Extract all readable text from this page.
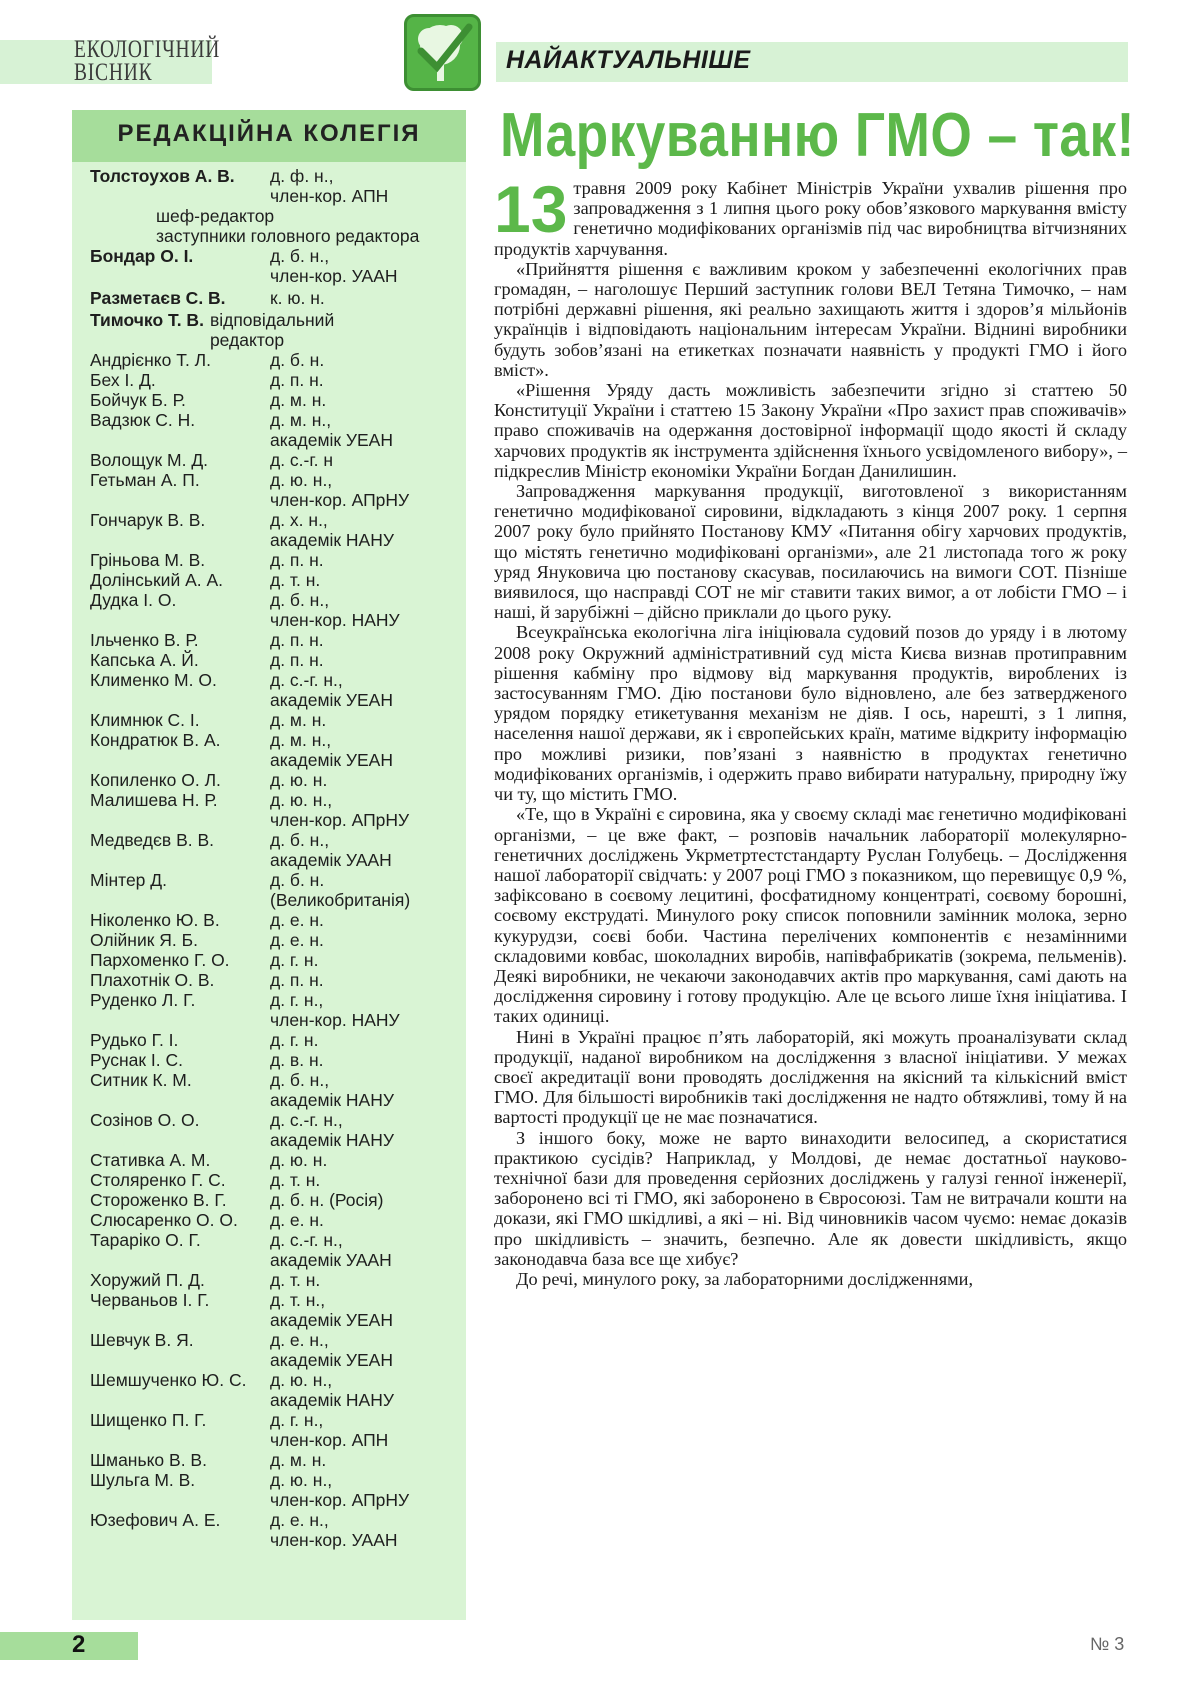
ЕКОЛОГІЧНИЙ
ВІСНИК	НАЙАКТУАЛЬНІШЕ
РЕДАКЦІЙНА КОЛЕГІЯ
Толстоухов А. В.	д. ф. н.,
член-кор. АПН
шеф-редактор
заступники головного редактора
Бондар О. І.	д. б. н.,
член-кор. УААН
Разметаєв С. В.	к. ю. н.
Тимочко Т. В. відповідальний редактор
Андрієнко Т. Л.	д. б. н.
Бех І. Д.	д. п. н.
Бойчук Б. Р.	д. м. н.
Вадзюк С. Н.	д. м. н.,
академік УЕАН
Волощук М. Д.	д. с.-г. н
Гетьман А. П.	д. ю. н.,
член-кор. АПрНУ
Гончарук В. В.	д. х. н.,
академік НАНУ
Гріньова М. В.	д. п. н.
Долінський А. А.	д. т. н.
Дудка І. О.	д. б. н.,
член-кор. НАНУ
Ільченко В. Р.	д. п. н.
Капська А. Й.	д. п. н.
Клименко М. О.	д. с.-г. н.,
академік УЕАН
Климнюк С. І.	д. м. н.
Кондратюк В. А.	д. м. н.,
академік УЕАН
Копиленко О. Л.	д. ю. н.
Малишева Н. Р.	д. ю. н.,
член-кор. АПрНУ
Медведєв В. В.	д. б. н.,
академік УААН
Мінтер Д.	д. б. н.
(Великобританія)
Ніколенко Ю. В.	д. е. н.
Олійник Я. Б.	д. е. н.
Пархоменко Г. О.	д. г. н.
Плахотнік О. В.	д. п. н.
Руденко Л. Г.	д. г. н.,
член-кор. НАНУ
Рудько Г. І.	д. г. н.
Руснак І. С.	д. в. н.
Ситник К. М.	д. б. н.,
академік НАНУ
Созінов О. О.	д. с.-г. н.,
академік НАНУ
Стативка А. М.	д. ю. н.
Столяренко Г. С.	д. т. н.
Стороженко В. Г.	д. б. н. (Росія)
Слюсаренко О. О.	д. е. н.
Тарарiко О. Г.	д. с.-г. н.,
академік УААН
Хоружий П. Д.	д. т. н.
Черваньов І. Г.	д. т. н.,
академік УЕАН
Шевчук В. Я.	д. е. н.,
академік УЕАН
Шемшученко Ю. С.	д. ю. н.,
академік НАНУ
Шищенко П. Г.	д. г. н.,
член-кор. АПН
Шманько В. В.	д. м. н.
Шульга М. В.	д. ю. н.,
член-кор. АПрНУ
Юзефович А. Е.	д. е. н.,
член-кор. УААН
Маркуванню ГМО – так!

13 травня 2009 року Кабінет Міністрів України ухвалив рішення про запровадження з 1 липня цього року обов’язкового маркування вмісту генетично модифікованих організмів під час виробництва вітчизняних продуктів харчування.

«Прийняття рішення є важливим кроком у забезпеченні екологічних прав громадян, – наголошує Перший заступник голови ВЕЛ Тетяна Тимочко, – нам потрібні державні рішення, які реально захищають життя і здоров’я мільйонів українців і відповідають національним інтересам України. Віднині виробники будуть зобов’язані на етикетках позначати наявність у продукті ГМО і його вміст».

«Рішення Уряду дасть можливість забезпечити згідно зі статтею 50 Конституції України і статтею 15 Закону України «Про захист прав споживачів» право споживачів на одержання достовірної інформації щодо якості й складу харчових продуктів як інструмента здійснення їхнього усвідомленого вибору», – підкреслив Міністр економіки України Богдан Данилишин.

Запровадження маркування продукції, виготовленої з використанням генетично модифікованої сировини, відкладають з кінця 2007 року. 1 серпня 2007 року було прийнято Постанову КМУ «Питання обігу харчових продуктів, що містять генетично модифіковані організми», але 21 листопада того ж року уряд Януковича цю постанову скасував, посилаючись на вимоги СОТ. Пізніше виявилося, що насправді СОТ не міг ставити таких вимог, а от лобісти ГМО – і наші, й зарубіжні – дійсно приклали до цього руку.

Всеукраїнська екологічна ліга ініціювала судовий позов до уряду і в лютому 2008 року Окружний адміністративний суд міста Києва визнав протиправним рішення кабміну про відмову від маркування продуктів, вироблених із застосуванням ГМО. Дію постанови було відновлено, але без затвердженого урядом порядку етикетування механізм не діяв. І ось, нарешті, з 1 липня, населення нашої держави, як і європейських країн, матиме відкриту інформацію про можливі ризики, пов’язані з наявністю в продуктах генетично модифікованих організмів, і одержить право вибирати натуральну, природну їжу чи ту, що містить ГМО.

«Те, що в Україні є сировина, яка у своєму складі має генетично модифіковані організми, – це вже факт, – розповів начальник лабораторії молекулярно-генетичних досліджень Укрметртестстандарту Руслан Голубець. – Дослідження нашої лабораторії свідчать: у 2007 році ГМО з показником, що перевищує 0,9 %, зафіксовано в соєвому лецитині, фосфатидному концентраті, соєвому борошні, соєвому екструдаті. Минулого року список поповнили замінник молока, зерно кукурудзи, соєві боби. Частина перелічених компонентів є незамінними складовими ковбас, шоколадних виробів, напівфабрикатів (зокрема, пельменів). Деякі виробники, не чекаючи законодавчих актів про маркування, самі дають на дослідження сировину і готову продукцію. Але це всього лише їхня ініціатива. І таких одиниці.

Нині в Україні працює п’ять лабораторій, які можуть проаналізувати склад продукції, наданої виробником на дослідження з власної ініціативи. У межах своєї акредитації вони проводять дослідження на якісний та кількісний вміст ГМО. Для більшості виробників такі дослідження не надто обтяжливі, тому й на вартості продукції це не має позначатися.

З іншого боку, може не варто винаходити велосипед, а скористатися практикою сусідів? Наприклад, у Молдові, де немає достатньої науково-технічної бази для проведення серйозних досліджень у галузі генної інженерії, заборонено всі ті ГМО, які заборонено в Євросоюзі. Там не витрачали кошти на докази, які ГМО шкідливі, а які – ні. Від чиновників часом чуємо: немає доказів про шкідливість – значить, безпечно. Але як довести шкідливість, якщо законодавча база все ще хибує?

До речі, минулого року, за лабораторними дослідженнями,

2	№ 3
